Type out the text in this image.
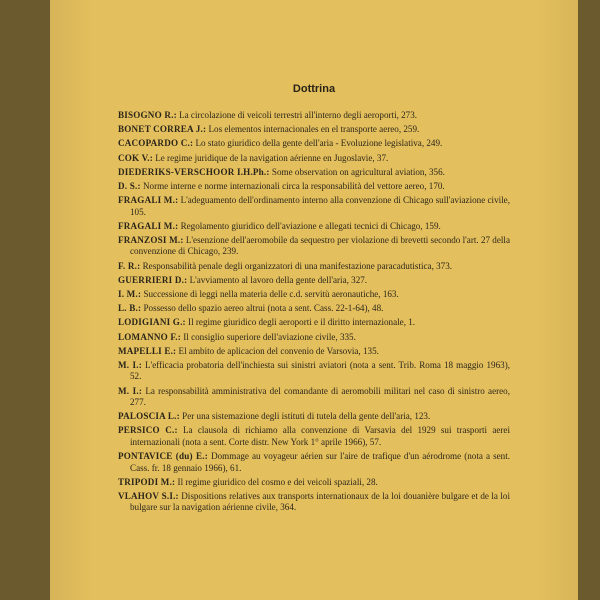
Dottrina

BISOGNO R.: La circolazione di veicoli terrestri all'interno degli aeroporti, 273.

BONET CORREA J.: Los elementos internacionales en el transporte aereo, 259.

CACOPARDO C.: Lo stato giuridico della gente dell'aria - Evoluzione legislativa, 249.

COK V.: Le regime juridique de la navigation aérienne en Jugoslavie, 37.

DIEDERIKS-VERSCHOOR I.H.Ph.: Some observation on agricultural aviation, 356.

D. S.: Norme interne e norme internazionali circa la responsabilità del vettore aereo, 170.

FRAGALI M.: L'adeguamento dell'ordinamento interno alla convenzione di Chicago sull'aviazione civile, 105.

FRAGALI M.: Regolamento giuridico dell'aviazione e allegati tecnici di Chicago, 159.

FRANZOSI M.: L'esenzione dell'aeromobile da sequestro per violazione di brevetti secondo l'art. 27 della convenzione di Chicago, 239.

F. R.: Responsabilità penale degli organizzatori di una manifestazione paracadutistica, 373.

GUERRIERI D.: L'avviamento al lavoro della gente dell'aria, 327.

I. M.: Successione di leggi nella materia delle c.d. servitù aeronautiche, 163.

L. B.: Possesso dello spazio aereo altrui (nota a sent. Cass. 22-1-64), 48.

LODIGIANI G.: Il regime giuridico degli aeroporti e il diritto internazionale, 1.

LOMANNO F.: Il consiglio superiore dell'aviazione civile, 335.

MAPELLI E.: El ambito de aplicacion del convenio de Varsovia, 135.

M. I.: L'efficacia probatoria dell'inchiesta sui sinistri aviatori (nota a sent. Trib. Roma 18 maggio 1963), 52.

M. I.: La responsabilità amministrativa del comandante di aeromobili militari nel caso di sinistro aereo, 277.

PALOSCIA L.: Per una sistemazione degli istituti di tutela della gente dell'aria, 123.

PERSICO C.: La clausola di richiamo alla convenzione di Varsavia del 1929 sui trasporti aerei internazionali (nota a sent. Corte distr. New York 1° aprile 1966), 57.

PONTAVICE (du) E.: Dommage au voyageur aérien sur l'aire de trafique d'un aérodrome (nota a sent. Cass. fr. 18 gennaio 1966), 61.

TRIPODI M.: Il regime giuridico del cosmo e dei veicoli spaziali, 28.

VLAHOV S.I.: Dispositions relatives aux transports internationaux de la loi douanière bulgare et de la loi bulgare sur la navigation aérienne civile, 364.
